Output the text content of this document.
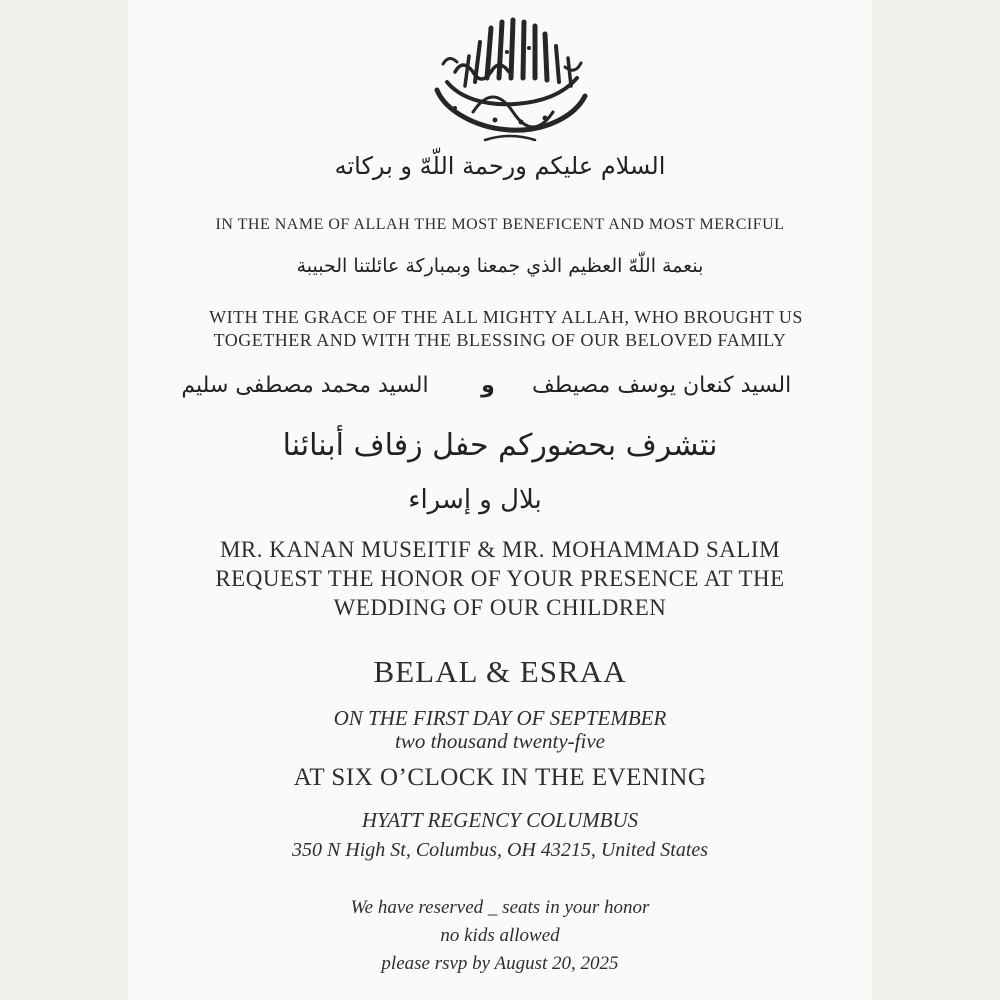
السلام عليكم ورحمة اللّهّ و بركاته
IN THE NAME OF ALLAH THE MOST BENEFICENT AND MOST MERCIFUL
بنعمة اللّهّ العظيم الذي جمعنا وبمباركة عائلتنا الحبيبة
WITH THE GRACE OF THE ALL MIGHTY ALLAH, WHO BROUGHT US
TOGETHER AND WITH THE BLESSING OF OUR BELOVED FAMILY
السيد كنعان يوسف مصيطف
و
السيد محمد مصطفى سليم
نتشرف بحضوركم حفل زفاف أبنائنا
بلال و إسراء
MR. KANAN MUSEITIF & MR. MOHAMMAD SALIM
REQUEST THE HONOR OF YOUR PRESENCE AT THE
WEDDING OF OUR CHILDREN
BELAL & ESRAA
ON THE FIRST DAY OF SEPTEMBER
two thousand twenty-five
AT SIX O’CLOCK IN THE EVENING
HYATT REGENCY COLUMBUS
350 N High St, Columbus, OH 43215, United States
We have reserved _ seats in your honor
no kids allowed
please rsvp by August 20, 2025
